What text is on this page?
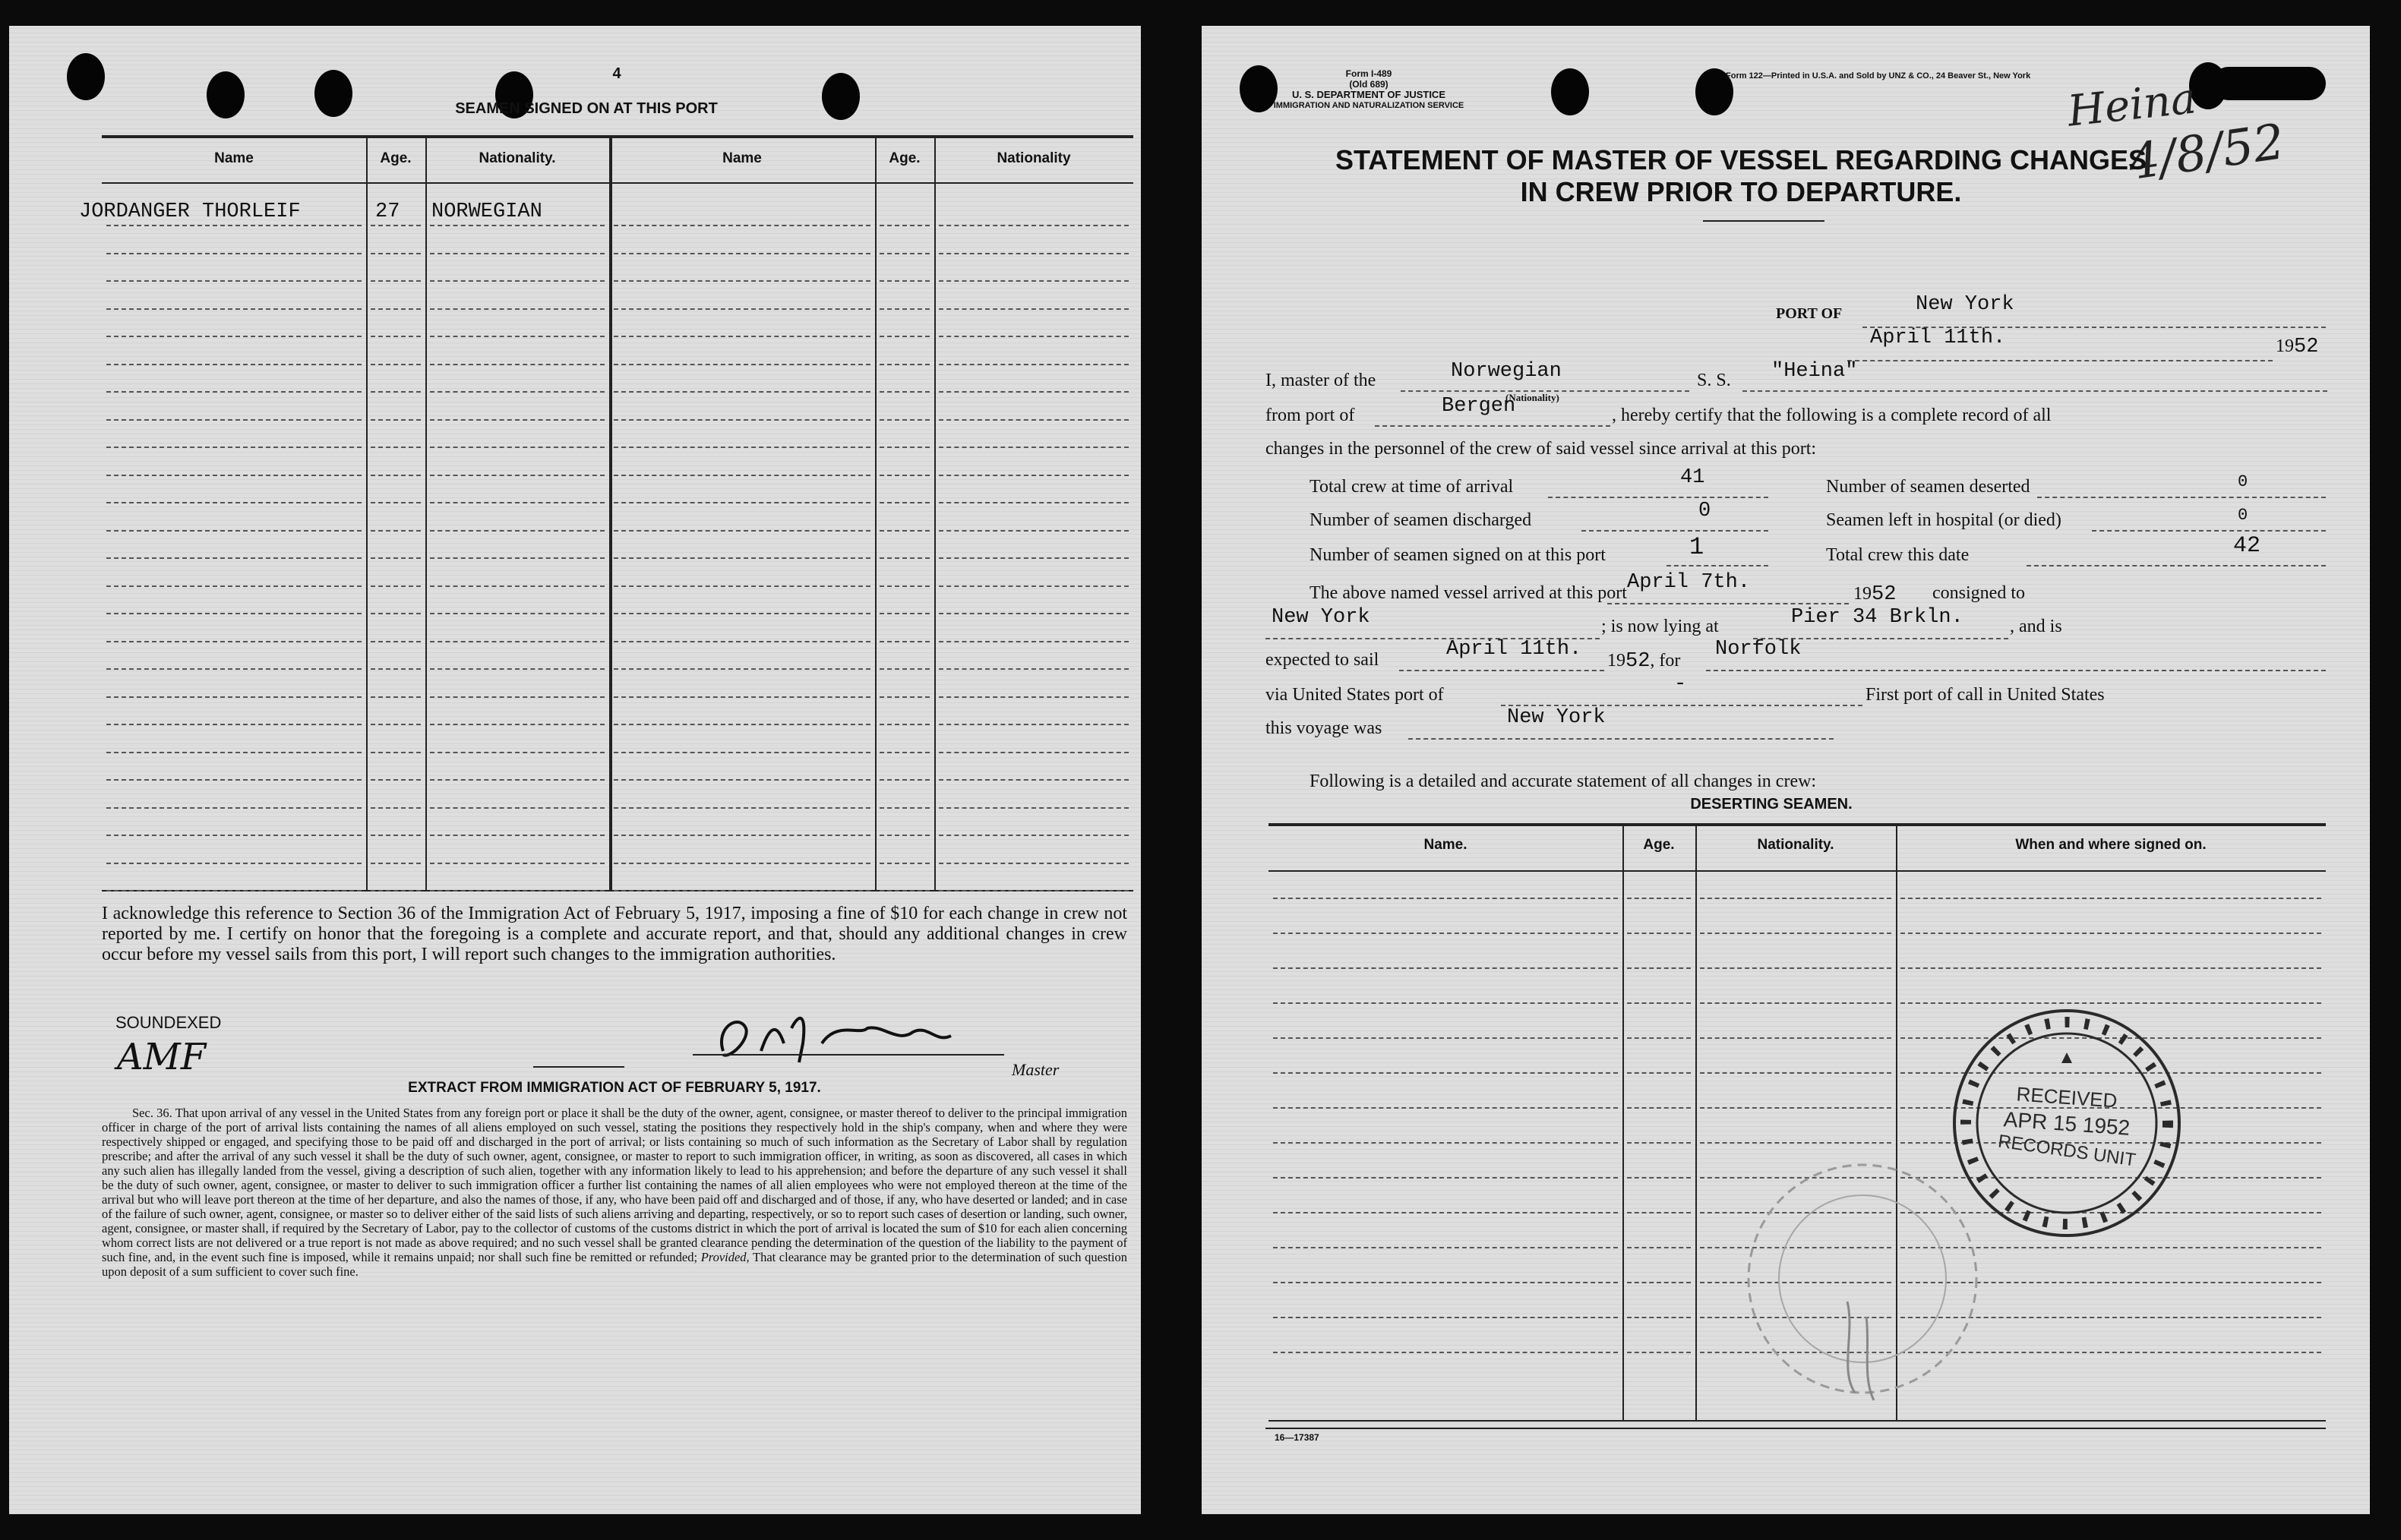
4
SEAMEN SIGNED ON AT THIS PORT
Name	Age.	Nationality.	Name	Age.	Nationality
JORDANGER THORLEIF	27 NORWEGIAN
I acknowledge this reference to Section 36 of the Immigration Act of February 5, 1917, imposing a fine of $10 for each change in crew not reported by me. I certify on honor that the foregoing is a complete and accurate report, and that, should any additional changes in crew occur before my vessel sails from this port, I will report such changes to the immigration authorities.
SOUNDEXED
AMF	Master
EXTRACT FROM IMMIGRATION ACT OF FEBRUARY 5, 1917.
Sec. 36. That upon arrival of any vessel in the United States from any foreign port or place it shall be the duty of the owner, agent, consignee, or master thereof to deliver to the principal immigration officer in charge of the port of arrival lists containing the names of all aliens employed on such vessel, stating the positions they respectively hold in the ship's company, when and where they were respectively shipped or engaged, and specifying those to be paid off and discharged in the port of arrival; or lists containing so much of such information as the Secretary of Labor shall by regulation prescribe; and after the arrival of any such vessel it shall be the duty of such owner, agent, consignee, or master to report to such immigration officer, in writing, as soon as discovered, all cases in which any such alien has illegally landed from the vessel, giving a description of such alien, together with any information likely to lead to his apprehension; and before the departure of any such vessel it shall be the duty of such owner, agent, consignee, or master to deliver to such immigration officer a further list containing the names of all alien employees who were not employed thereon at the time of the arrival but who will leave port thereon at the time of her departure, and also the names of those, if any, who have been paid off and discharged and of those, if any, who have deserted or landed; and in case of the failure of such owner, agent, consignee, or master so to deliver either of the said lists of such aliens arriving and departing, respectively, or so to report such cases of desertion or landing, such owner, agent, consignee, or master shall, if required by the Secretary of Labor, pay to the collector of customs of the customs district in which the port of arrival is located the sum of $10 for each alien concerning whom correct lists are not delivered or a true report is not made as above required; and no such vessel shall be granted clearance pending the determination of the question of the liability to the payment of such fine, and, in the event such fine is imposed, while it remains unpaid; nor shall such fine be remitted or refunded; Provided, That clearance may be granted prior to the determination of such question upon deposit of a sum sufficient to cover such fine.
Form I-489
(Old 689)
U. S. DEPARTMENT OF JUSTICE
IMMIGRATION AND NATURALIZATION SERVICE
Form 122—Printed in U.S.A. and Sold by UNZ & CO., 24 Beaver St., New York Heina
4/8/52
STATEMENT OF MASTER OF VESSEL REGARDING CHANGES
IN CREW PRIOR TO DEPARTURE.
PORT OF	New York
April 11th.	1952
I, master of the	Norwegian
(Nationality)
S. S. "Heina"
from port of	Bergen	, hereby certify that the following is a complete record of all
changes in the personnel of the crew of said vessel since arrival at this port:
Total crew at time of arrival	41
Number of seamen discharged	0
Number of seamen signed on at this port	1
Number of seamen deserted	0
Seamen left in hospital (or died)	0
Total crew this date	42
The above named vessel arrived at this port April 7th.	1952 consigned to
New York	; is now lying at	Pier 34 Brkln.	, and is
expected to sail	April 11th. 1952, for Norfolk
via United States port of	-	First port of call in United States
this voyage was	New York
Following is a detailed and accurate statement of all changes in crew:
DESERTING SEAMEN.
Name.	Age.	Nationality.	When and where signed on.
RECEIVED
APR 15 1952
RECORDS UNIT
16—17387
